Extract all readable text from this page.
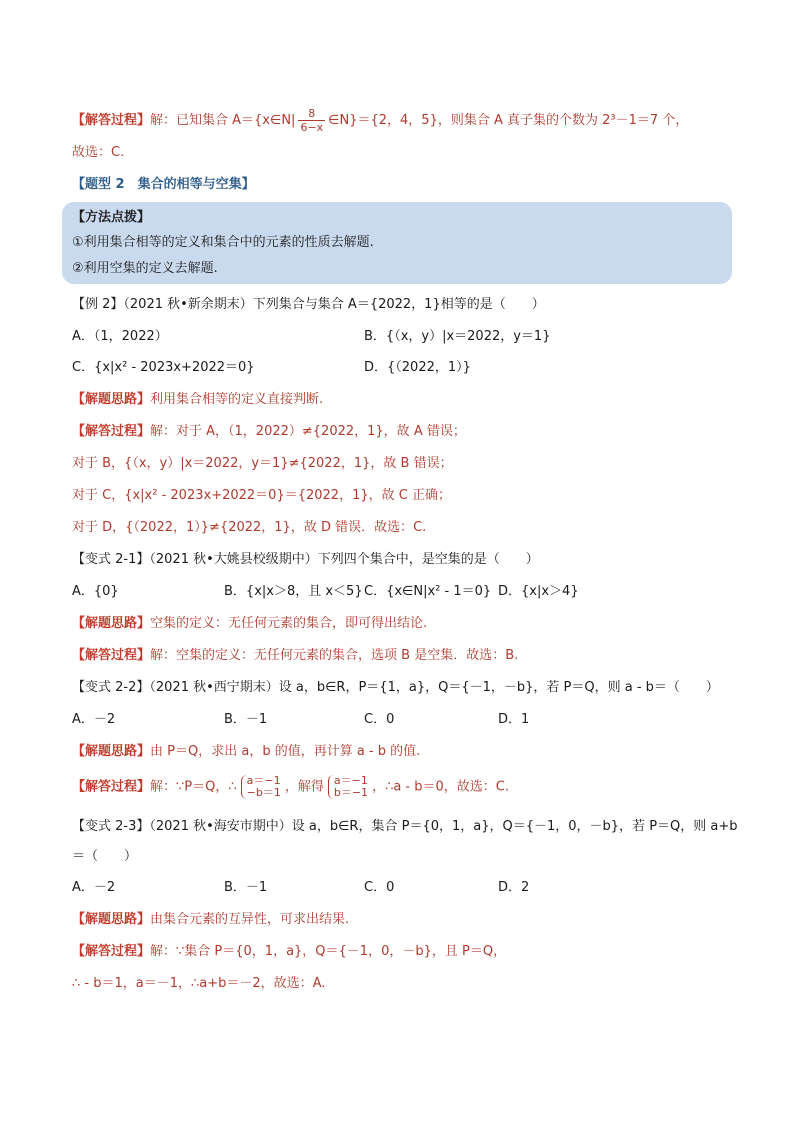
【解答过程】解：已知集合 A＝{x∈N| $\frac{8}{6-x}$ ∈N}＝{2，4，5}，则集合 A 真子集的个数为 2³－1＝7 个，
故选：C.
【题型 2　集合的相等与空集】
【方法点拨】
①利用集合相等的定义和集合中的元素的性质去解题.
②利用空集的定义去解题.
【例 2】（2021 秋•新余期末）下列集合与集合 A＝{2022，1}相等的是（　　）
A．（1，2022）	B．{（x，y）|x＝2022，y＝1}
C．{x|x² - 2023x+2022＝0}	D．{（2022，1）}
【解题思路】利用集合相等的定义直接判断.
【解答过程】解：对于 A，（1，2022）≠{2022，1}，故 A 错误；
对于 B，{（x，y）|x＝2022，y＝1}≠{2022，1}，故 B 错误；
对于 C，{x|x² - 2023x+2022＝0}＝{2022，1}，故 C 正确；
对于 D，{（2022，1）}≠{2022，1}，故 D 错误．故选：C.
【变式 2-1】（2021 秋•大姚县校级期中）下列四个集合中，是空集的是（　　）
A．{0}	B．{x|x＞8，且 x＜5} C．{x∈N|x² - 1＝0} D．{x|x＞4}
【解题思路】空集的定义：无任何元素的集合，即可得出结论.
【解答过程】解：空集的定义：无任何元素的集合，选项 B 是空集．故选：B.
【变式 2-2】（2021 秋•西宁期末）设 a，b∈R，P＝{1，a}，Q＝{－1，－b}，若 P＝Q，则 a - b＝（　　）
A．－2	B．－1	C．0	D．1
【解题思路】由 P＝Q，求出 a，b 的值，再计算 a - b 的值.
【解答过程】解：∵P＝Q，∴ a＝−1
−b＝1 ，解得 a＝−1
b＝−1 ，∴a - b＝0，故选：C.
【变式 2-3】（2021 秋•海安市期中）设 a，b∈R，集合 P＝{0，1，a}，Q＝{－1，0，－b}，若 P＝Q，则 a+b
＝（　　）
A．－2	B．－1	C．0	D．2
【解题思路】由集合元素的互异性，可求出结果.
【解答过程】解：∵集合 P＝{0，1，a}，Q＝{－1，0，－b}，且 P＝Q，
∴ - b＝1，a＝－1，∴a+b＝－2，故选：A.
